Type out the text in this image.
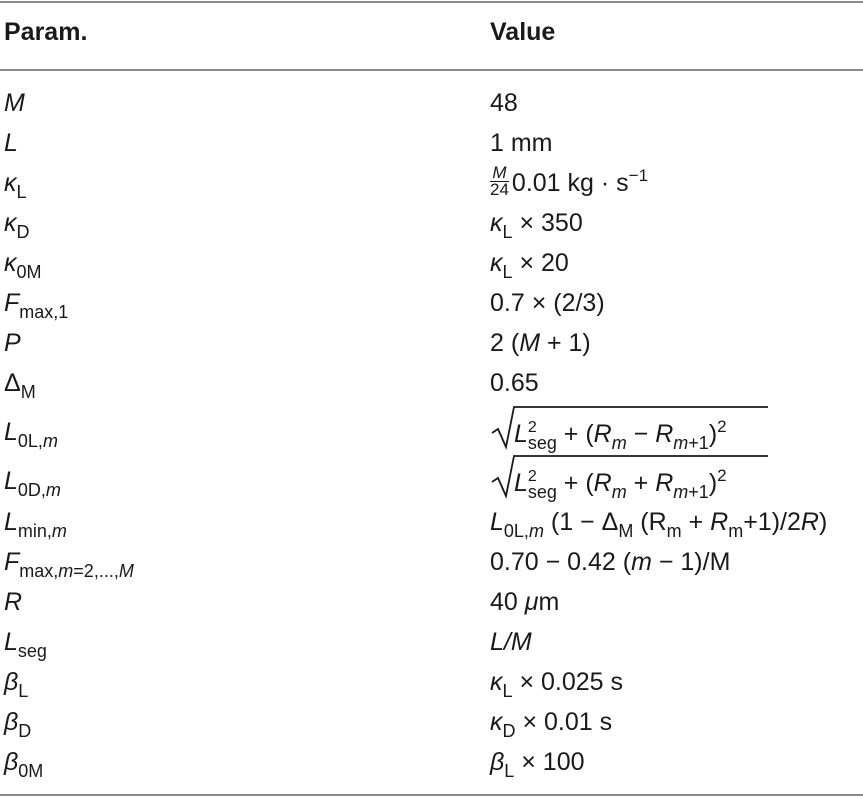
Param.	Value
M	48
L	1 mm
$\kappa_L$	$\frac{M}{24} 0.01$ kg · $s^{-1}$
$\kappa_D$	$\kappa_L \times 350$
$\kappa_{0M}$	$\kappa_L \times 20$
$F_{max,1}$	0.7 × (2/3)
P	2 (M + 1)
$\Delta_M$	0.65
$L_{0L,m}$	$L^2_{seg} + (R_m - R_{m+1})^2$
$L_{0D,m}$	$L^2_{seg} + (R_m + R_{m+1})^2$
$L_{min,m}$	$L_{0L,m}$ ($1 - \Delta_M$ $(R_m + R_m+1)/2R$)
$F_{max,m=2,...,M}$	0.70 − 0.42 (m − 1)/M
R	40 μm
$L_{seg}$	L/M
$\beta_L$	$\kappa_L \times 0.025$ s
$\beta_D$	$\kappa_D \times 0.01$ s
$\beta_{0M}$	$\beta_L \times 100$
